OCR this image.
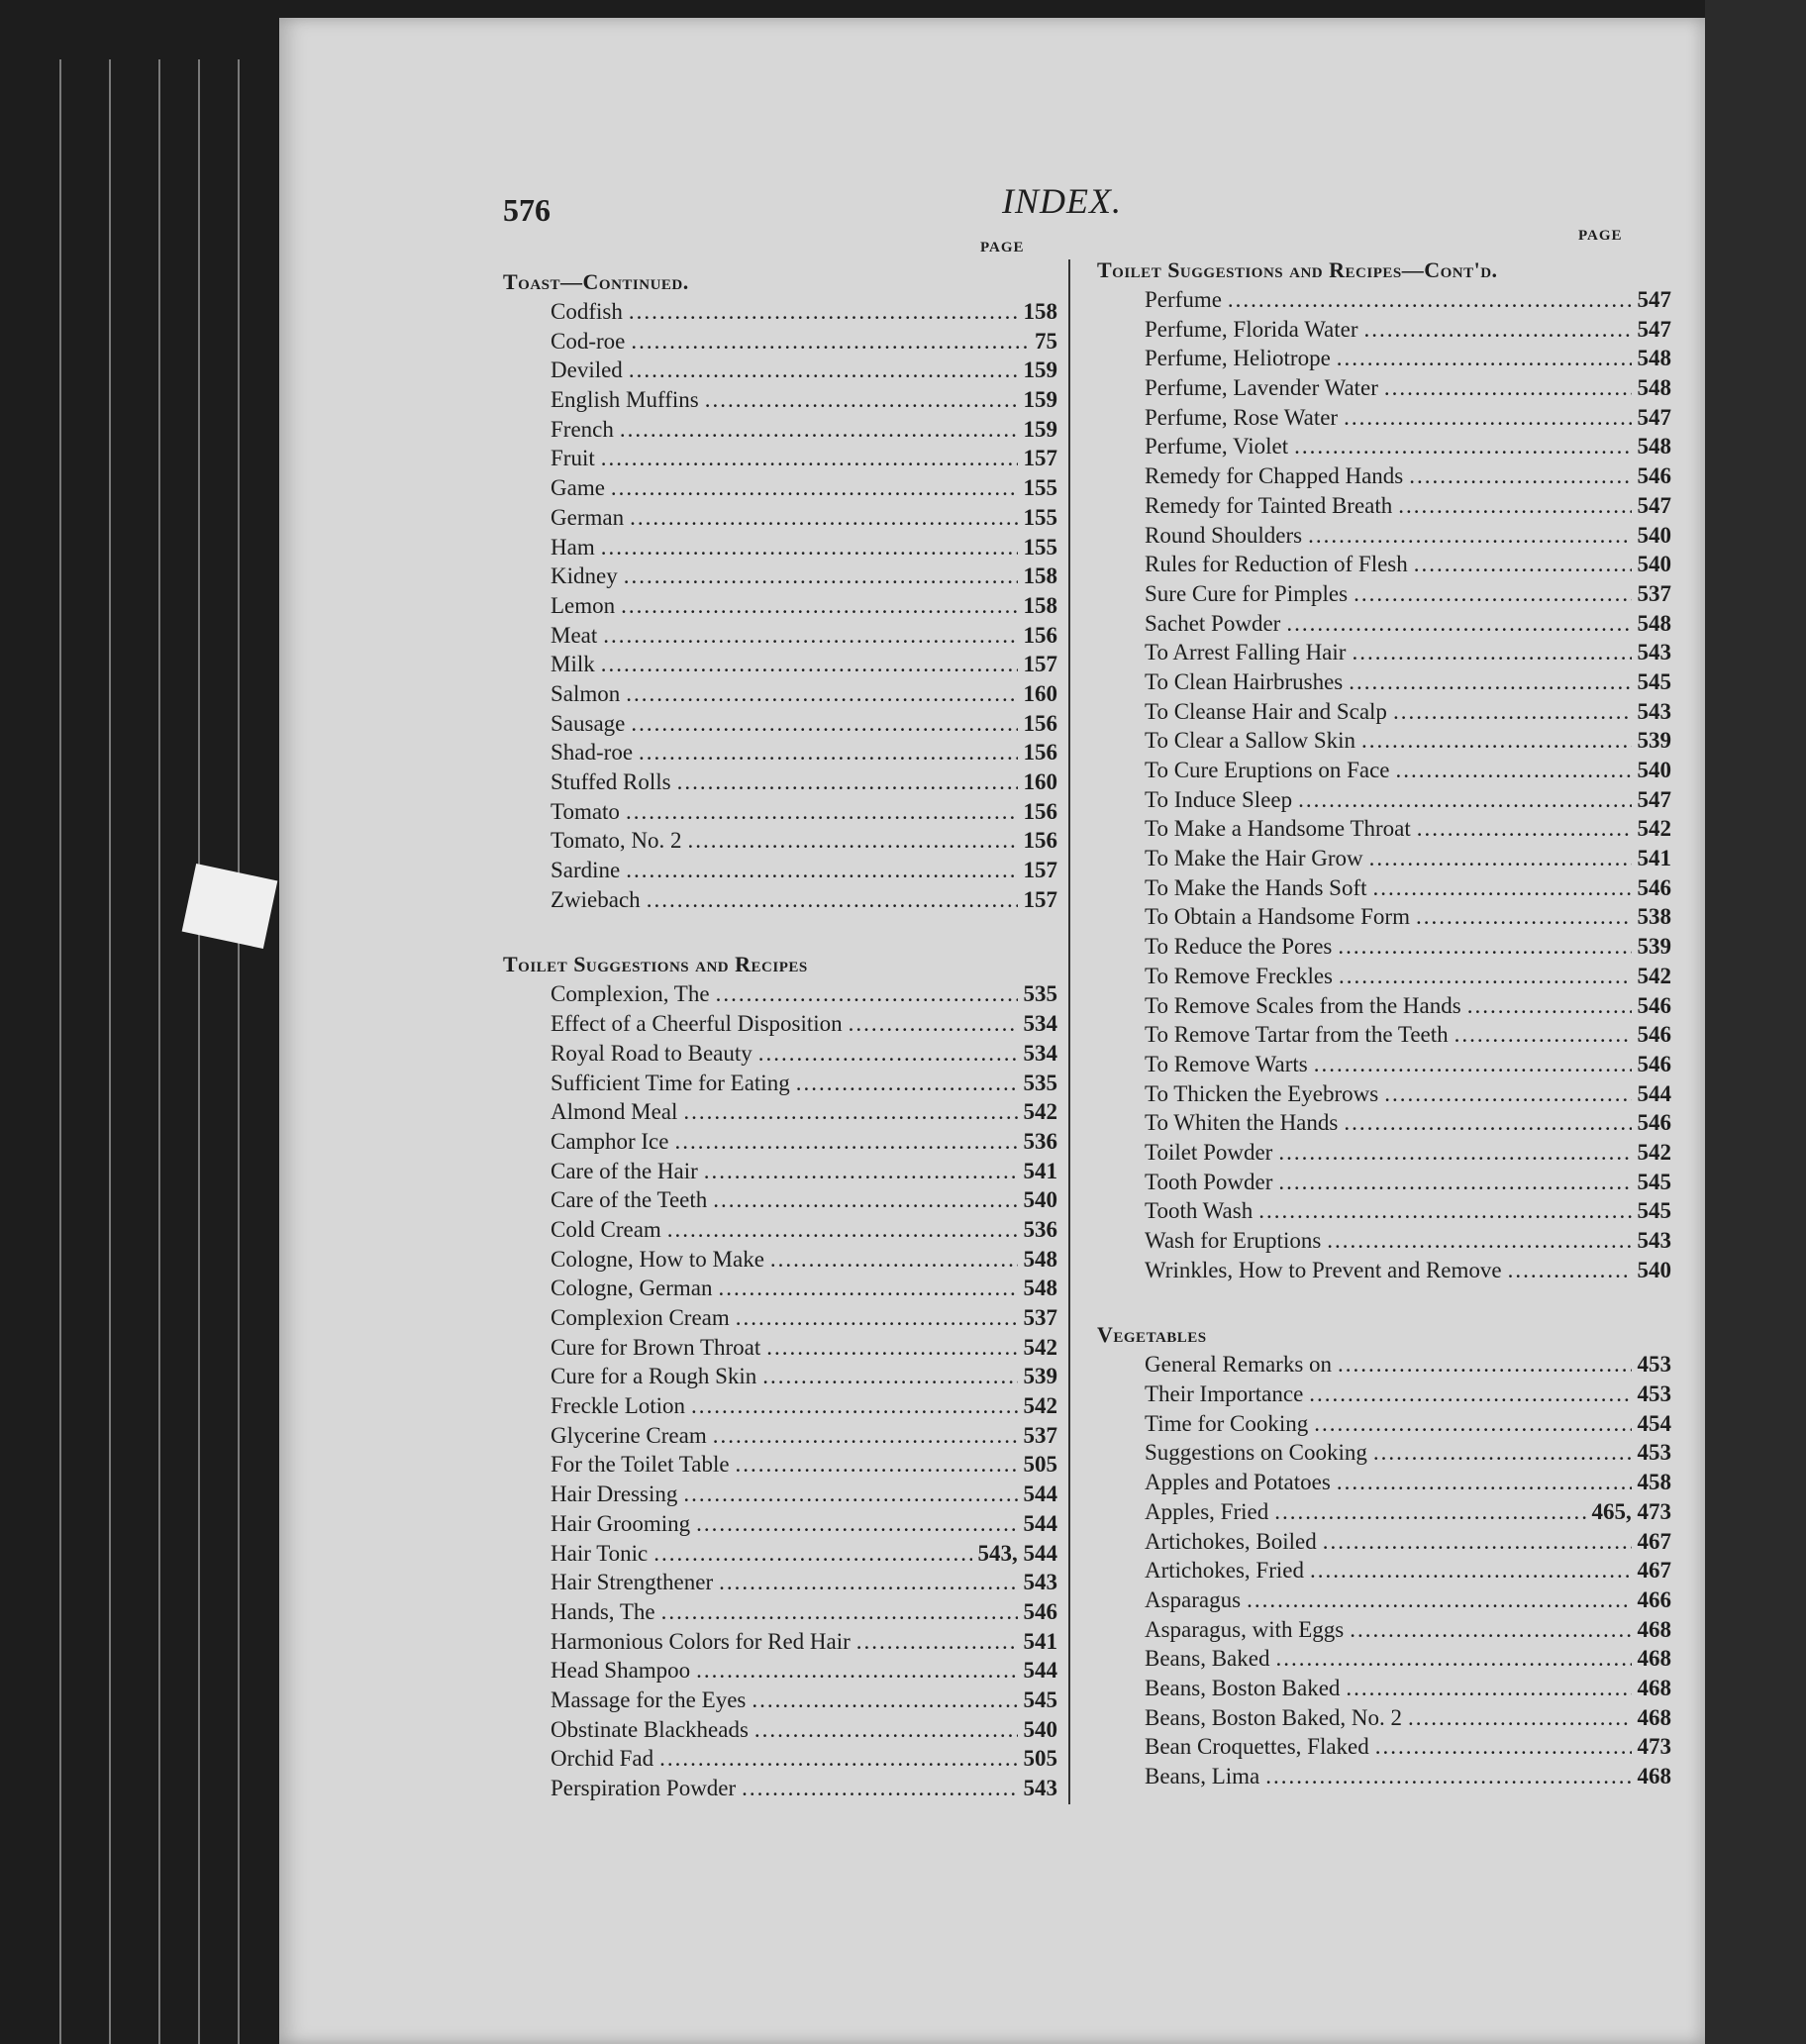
576	INDEX.
PAGE
PAGE
Toast—Continued.
Codfish .....	158
Cod-roe .....	75
Deviled .....	159
English Muffins .....	159
French .....	159
Fruit .....	157
Game .....	155
German .....	155
Ham .....	155
Kidney .....	158
Lemon .....	158
Meat .....	156
Milk .....	157
Salmon .....	160
Sausage .....	156
Shad-roe .....	156
Stuffed Rolls .....	160
Tomato .....	156
Tomato, No. 2 .....	156
Sardine .....	157
Zwiebach .....	157
Toilet Suggestions and Recipes
Complexion, The .....	535
Effect of a Cheerful Disposition .....	534
Royal Road to Beauty .....	534
Sufficient Time for Eating .....	535
Almond Meal .....	542
Camphor Ice .....	536
Care of the Hair .....	541
Care of the Teeth .....	540
Cold Cream .....	536
Cologne, How to Make .....	548
Cologne, German .....	548
Complexion Cream .....	537
Cure for Brown Throat .....	542
Cure for a Rough Skin .....	539
Freckle Lotion .....	542
Glycerine Cream .....	537
For the Toilet Table .....	505
Hair Dressing .....	544
Hair Grooming .....	544
Hair Tonic .....	543, 544
Hair Strengthener .....	543
Hands, The .....	546
Harmonious Colors for Red Hair .....	541
Head Shampoo .....	544
Massage for the Eyes .....	545
Obstinate Blackheads .....	540
Orchid Fad .....	505
Perspiration Powder .....	543
Toilet Suggestions and Recipes—Cont'd.
Perfume .....	547
Perfume, Florida Water .....	547
Perfume, Heliotrope .....	548
Perfume, Lavender Water .....	548
Perfume, Rose Water .....	547
Perfume, Violet .....	548
Remedy for Chapped Hands .....	546
Remedy for Tainted Breath .....	547
Round Shoulders .....	540
Rules for Reduction of Flesh .....	540
Sure Cure for Pimples .....	537
Sachet Powder .....	548
To Arrest Falling Hair .....	543
To Clean Hairbrushes .....	545
To Cleanse Hair and Scalp .....	543
To Clear a Sallow Skin .....	539
To Cure Eruptions on Face .....	540
To Induce Sleep .....	547
To Make a Handsome Throat .....	542
To Make the Hair Grow .....	541
To Make the Hands Soft .....	546
To Obtain a Handsome Form .....	538
To Reduce the Pores .....	539
To Remove Freckles .....	542
To Remove Scales from the Hands .....	546
To Remove Tartar from the Teeth .....	546
To Remove Warts .....	546
To Thicken the Eyebrows .....	544
To Whiten the Hands .....	546
Toilet Powder .....	542
Tooth Powder .....	545
Tooth Wash .....	545
Wash for Eruptions .....	543
Wrinkles, How to Prevent and Remove .....	540
Vegetables
General Remarks on .....	453
Their Importance .....	453
Time for Cooking .....	454
Suggestions on Cooking .....	453
Apples and Potatoes .....	458
Apples, Fried .....	465, 473
Artichokes, Boiled .....	467
Artichokes, Fried .....	467
Asparagus .....	466
Asparagus, with Eggs .....	468
Beans, Baked .....	468
Beans, Boston Baked .....	468
Beans, Boston Baked, No. 2 .....	468
Bean Croquettes, Flaked .....	473
Beans, Lima .....	468
